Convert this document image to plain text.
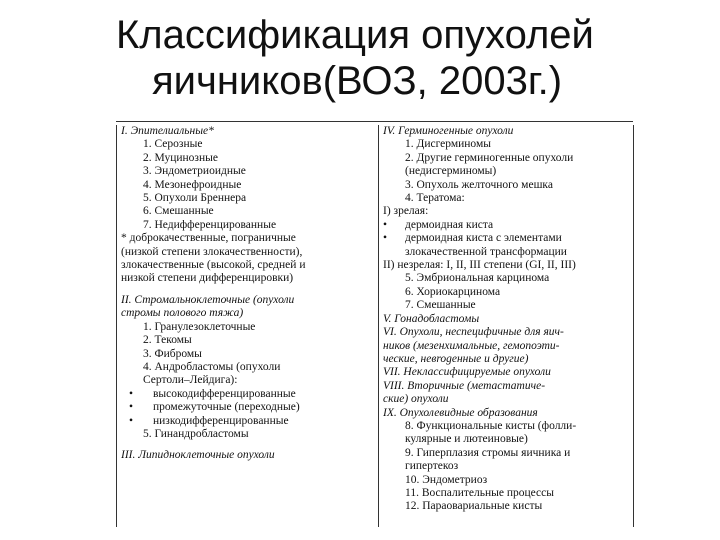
Классификация опухолей
яичников(ВОЗ, 2003г.)
I. Эпителиальные*
1. Серозные
2. Муцинозные
3. Эндометриоидные
4. Мезонефроидные
5. Опухоли Бреннера
6. Смешанные
7. Недифференцированные
* доброкачественные, пограничные
(низкой степени злокачественности),
злокачественные (высокой, средней и
низкой степени дифференцировки)
II. Стромальноклеточные (опухоли
стромы полового тяжа)
1. Гранулезоклеточные
2. Текомы
3. Фибромы
4. Андробластомы (опухоли
Сертоли–Лейдига):
• высокодифференцированные
• промежуточные (переходные)
• низкодифференцированные
5. Гинандробластомы
III. Липидноклеточные опухоли
IV. Герминогенные опухоли
1. Дисгерминомы
2. Другие герминогенные опухоли
(недисгерминомы)
3. Опухоль желточного мешка
4. Тератома:
I) зрелая:
• дермоидная киста
• дермоидная киста с элементами
злокачественной трансформации
II) незрелая: I, II, III степени (GI, II, III)
5. Эмбриональная карцинома
6. Хориокарцинома
7. Смешанные
V. Гонадобластомы
VI. Опухоли, неспецифичные для яич-
ников (мезенхимальные, гемопоэти-
ческие, невrogенные и другие)
VII. Неклассифицируемые опухоли
VIII. Вторичные (метастатиче-
ские) опухоли
IX. Опухолевидные образования
8. Функциональные кисты (фолли-
кулярные и лютеиновые)
9. Гиперплазия стромы яичника и
гипертекоз
10. Эндометриоз
11. Воспалительные процессы
12. Параовариальные кисты
